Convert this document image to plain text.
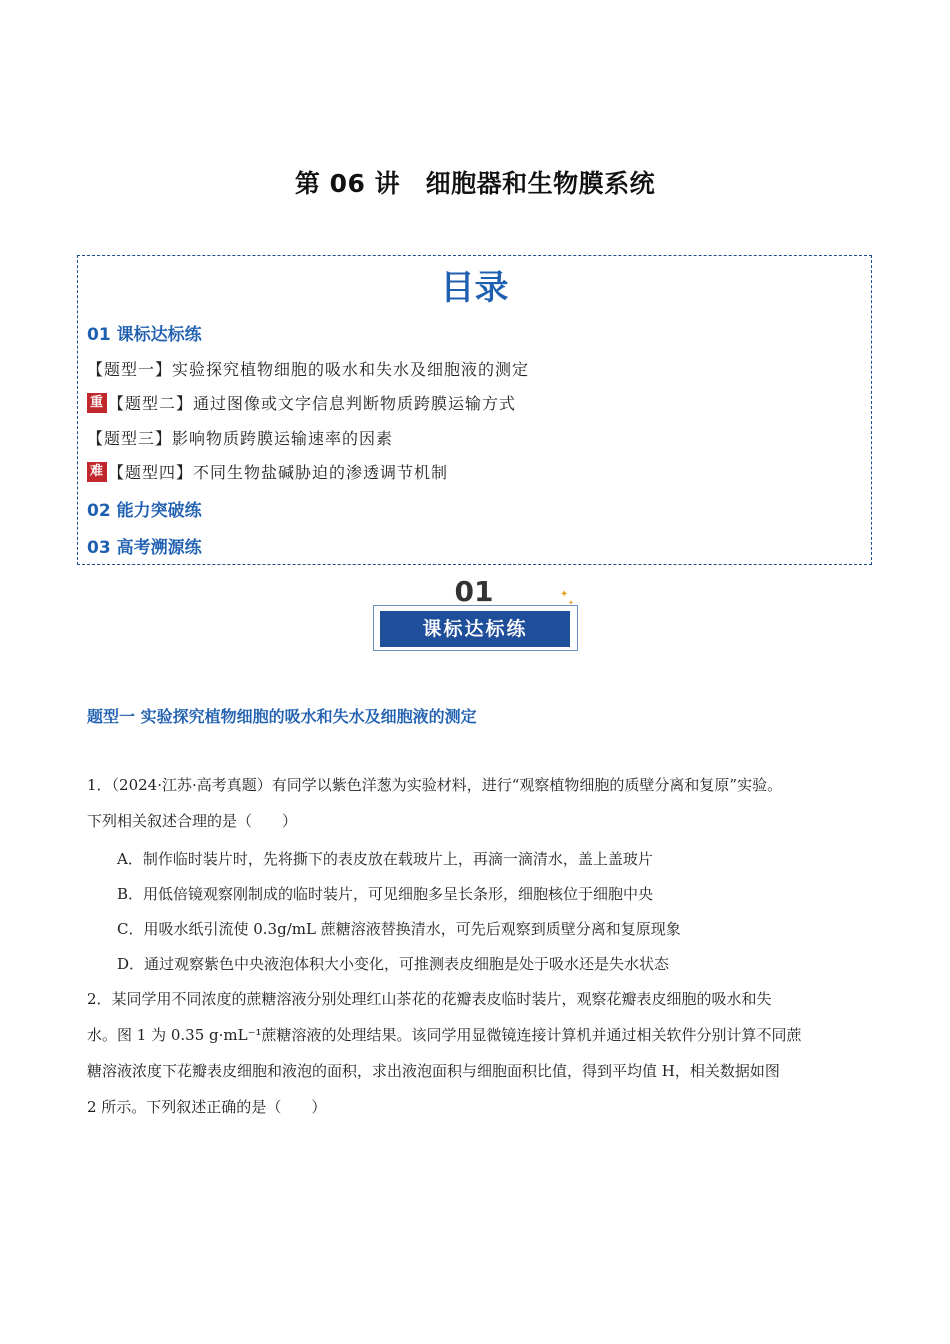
第 06 讲　细胞器和生物膜系统
目录
01 课标达标练
【题型一】实验探究植物细胞的吸水和失水及细胞液的测定
重 【题型二】通过图像或文字信息判断物质跨膜运输方式
【题型三】影响物质跨膜运输速率的因素
难 【题型四】不同生物盐碱胁迫的渗透调节机制
02 能力突破练
03 高考溯源练
01
课标达标练
✦
✦
题型一 实验探究植物细胞的吸水和失水及细胞液的测定
1．（2024·江苏·高考真题）有同学以紫色洋葱为实验材料，进行“观察植物细胞的质壁分离和复原”实验。
下列相关叙述合理的是（　　）
A．制作临时装片时，先将撕下的表皮放在载玻片上，再滴一滴清水，盖上盖玻片
B．用低倍镜观察刚制成的临时装片，可见细胞多呈长条形，细胞核位于细胞中央
C．用吸水纸引流使 0.3g/mL 蔗糖溶液替换清水，可先后观察到质壁分离和复原现象
D．通过观察紫色中央液泡体积大小变化，可推测表皮细胞是处于吸水还是失水状态
2．某同学用不同浓度的蔗糖溶液分别处理红山茶花的花瓣表皮临时装片，观察花瓣表皮细胞的吸水和失
水。图 1 为 0.35 g·mL⁻¹蔗糖溶液的处理结果。该同学用显微镜连接计算机并通过相关软件分别计算不同蔗
糖溶液浓度下花瓣表皮细胞和液泡的面积，求出液泡面积与细胞面积比值，得到平均值 H，相关数据如图
2 所示。下列叙述正确的是（　　）
